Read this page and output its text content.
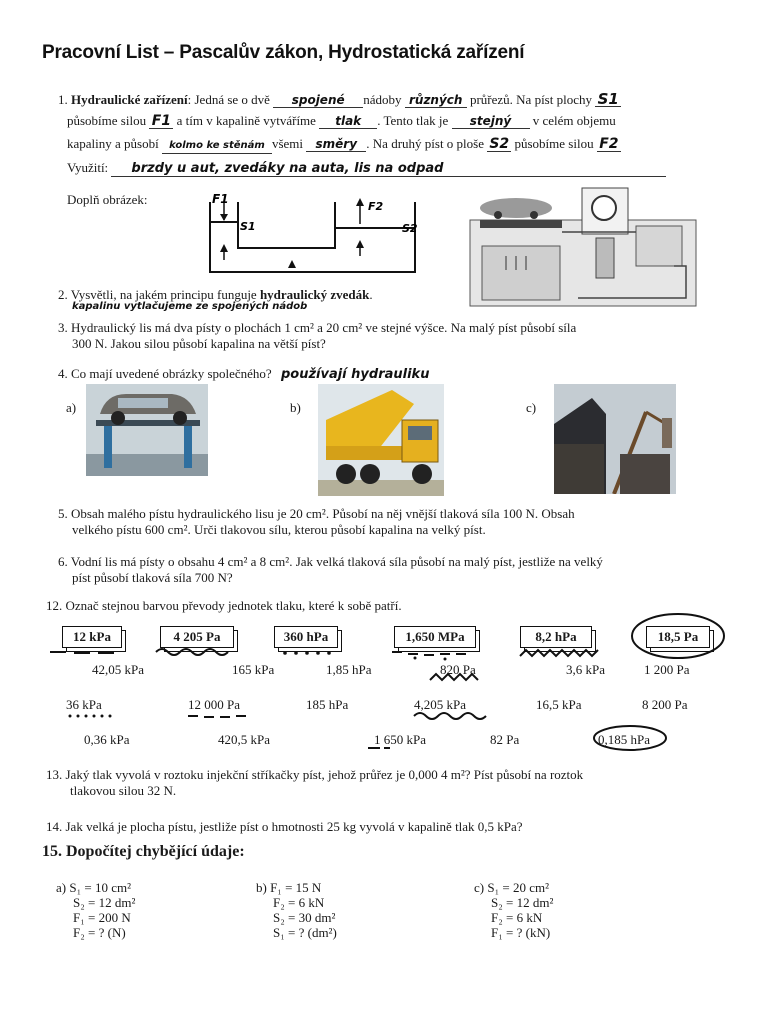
Pracovní List – Pascalův zákon, Hydrostatická zařízení
1. Hydraulické zařízení: Jedná se o dvě spojené nádoby různých průřezů. Na píst plochy S1
působíme silou F1 a tím v kapalině vytváříme tlak . Tento tlak je stejný v celém objemu
kapaliny a působí kolmo ke stěnám všemi směry . Na druhý píst o ploše S2 působíme silou F2
Využití: brzdy u aut, zvedáky na auta, lis na odpad
Doplň obrázek:	F1
S1
F2
S2
2. Vysvětli, na jakém principu funguje hydraulický zvedák.
kapalinu vytlačujeme ze spojených nádob
3. Hydraulický lis má dva písty o plochách 1 cm² a 20 cm² ve stejné výšce. Na malý píst působí síla
300 N. Jakou silou působí kapalina na větší píst?
4. Co mají uvedené obrázky společného? používají hydrauliku
a)	b)	c)
5. Obsah malého pístu hydraulického lisu je 20 cm². Působí na něj vnější tlaková síla 100 N. Obsah
velkého pístu 600 cm². Urči tlakovou sílu, kterou působí kapalina na velký píst.
6. Vodní lis má písty o obsahu 4 cm² a 8 cm². Jak velká tlaková síla působí na malý píst, jestliže na velký
píst působí tlaková síla 700 N?
12. Označ stejnou barvou převody jednotek tlaku, které k sobě patří.
12 kPa	4 205 Pa	360 hPa	1,650 MPa	8,2 hPa	18,5 Pa
42,05 kPa	165 kPa	1,85 hPa	820 Pa	3,6 kPa	1 200 Pa
36 kPa	12 000 Pa	185 hPa	4,205 kPa	16,5 kPa	8 200 Pa
0,36 kPa	420,5 kPa	1 650 kPa	82 Pa	0,185 hPa
13. Jaký tlak vyvolá v roztoku injekční stříkačky píst, jehož průřez je 0,000 4 m²? Píst působí na roztok
tlakovou silou 32 N.
14. Jak velká je plocha pístu, jestliže píst o hmotnosti 25 kg vyvolá v kapalině tlak 0,5 kPa?
15. Dopočítej chybějící údaje:
a) S₁ = 10 cm²
S₂ = 12 dm²
F₁ = 200 N
F₂ = ? (N)
b) F₁ = 15 N
F₂ = 6 kN
S₂ = 30 dm²
S₁ = ? (dm²)
c) S₁ = 20 cm²
S₂ = 12 dm²
F₂ = 6 kN
F₁ = ? (kN)
